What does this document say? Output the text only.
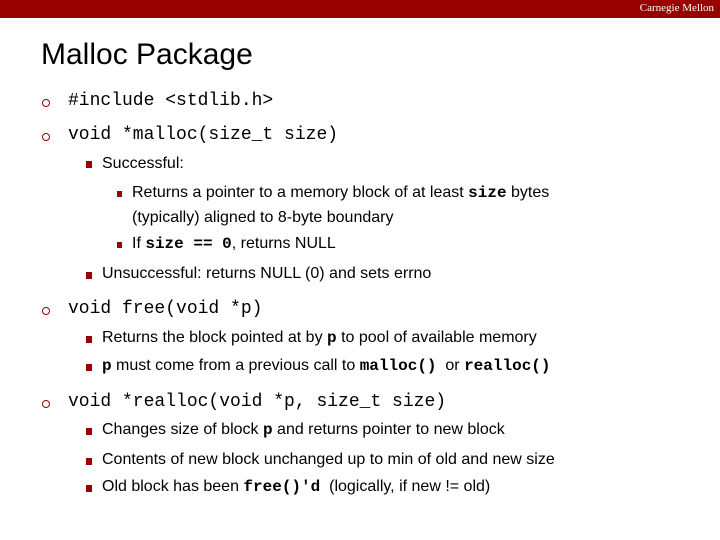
Carnegie Mellon
Malloc Package
#include <stdlib.h>
void *malloc(size_t size)
Successful:
Returns a pointer to a memory block of at least size bytes
(typically) aligned to 8-byte boundary
If size == 0, returns NULL
Unsuccessful: returns NULL (0) and sets errno
void free(void *p)
Returns the block pointed at by p to pool of available memory
p must come from a previous call to malloc()  or realloc()
void *realloc(void *p, size_t size)
Changes size of block p and returns pointer to new block
Contents of new block unchanged up to min of old and new size
Old block has been free()'d  (logically, if new != old)
